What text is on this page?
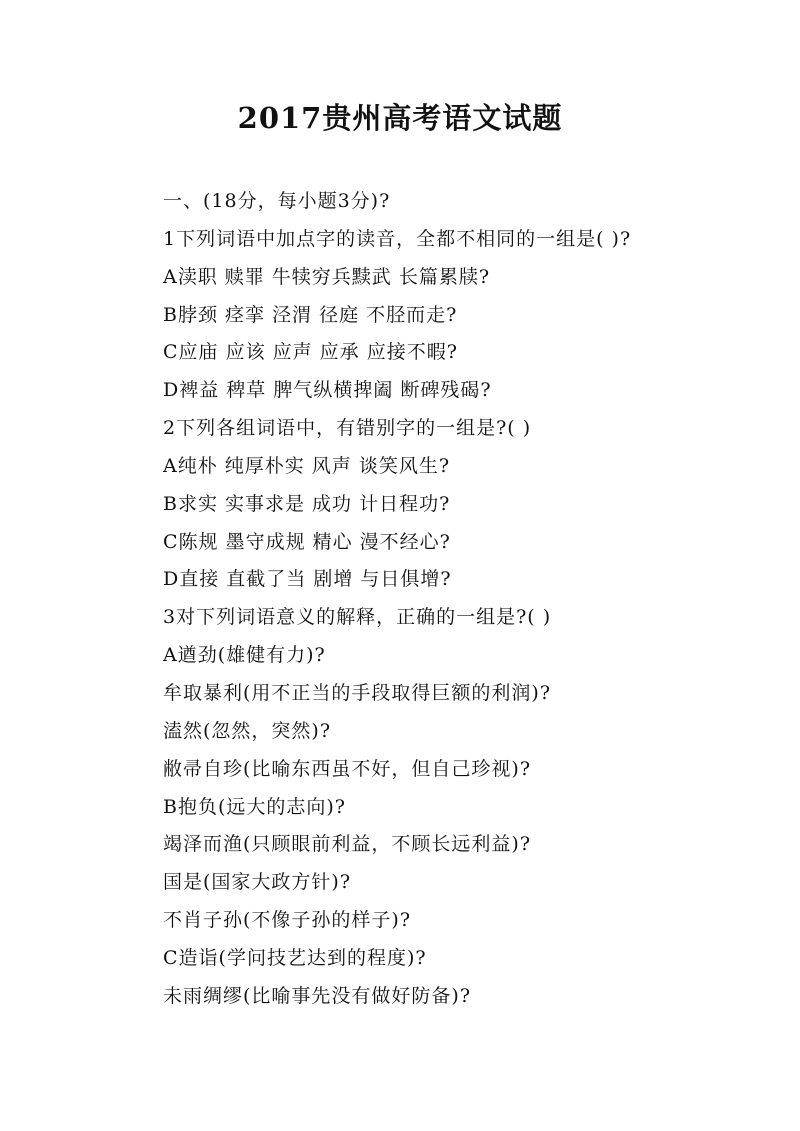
2017贵州高考语文试题
一、(18分，每小题3分)?
1下列词语中加点字的读音，全都不相同的一组是( )?
A渎职 赎罪 牛犊穷兵黩武 长篇累牍?
B脖颈 痉挛 泾渭 径庭 不胫而走?
C应庙 应该 应声 应承 应接不暇?
D裨益 稗草 脾气纵横捭阖 断碑残碣?
2下列各组词语中，有错别字的一组是?( )
A纯朴 纯厚朴实 风声 谈笑风生?
B求实 实事求是 成功 计日程功?
C陈规 墨守成规 精心 漫不经心?
D直接 直截了当 剧增 与日俱增?
3对下列词语意义的解释，正确的一组是?( )
A遒劲(雄健有力)?
牟取暴利(用不正当的手段取得巨额的利润)?
溘然(忽然，突然)?
敝帚自珍(比喻东西虽不好，但自己珍视)?
B抱负(远大的志向)?
竭泽而渔(只顾眼前利益，不顾长远利益)?
国是(国家大政方针)?
不肖子孙(不像子孙的样子)?
C造诣(学问技艺达到的程度)?
未雨绸缪(比喻事先没有做好防备)?
